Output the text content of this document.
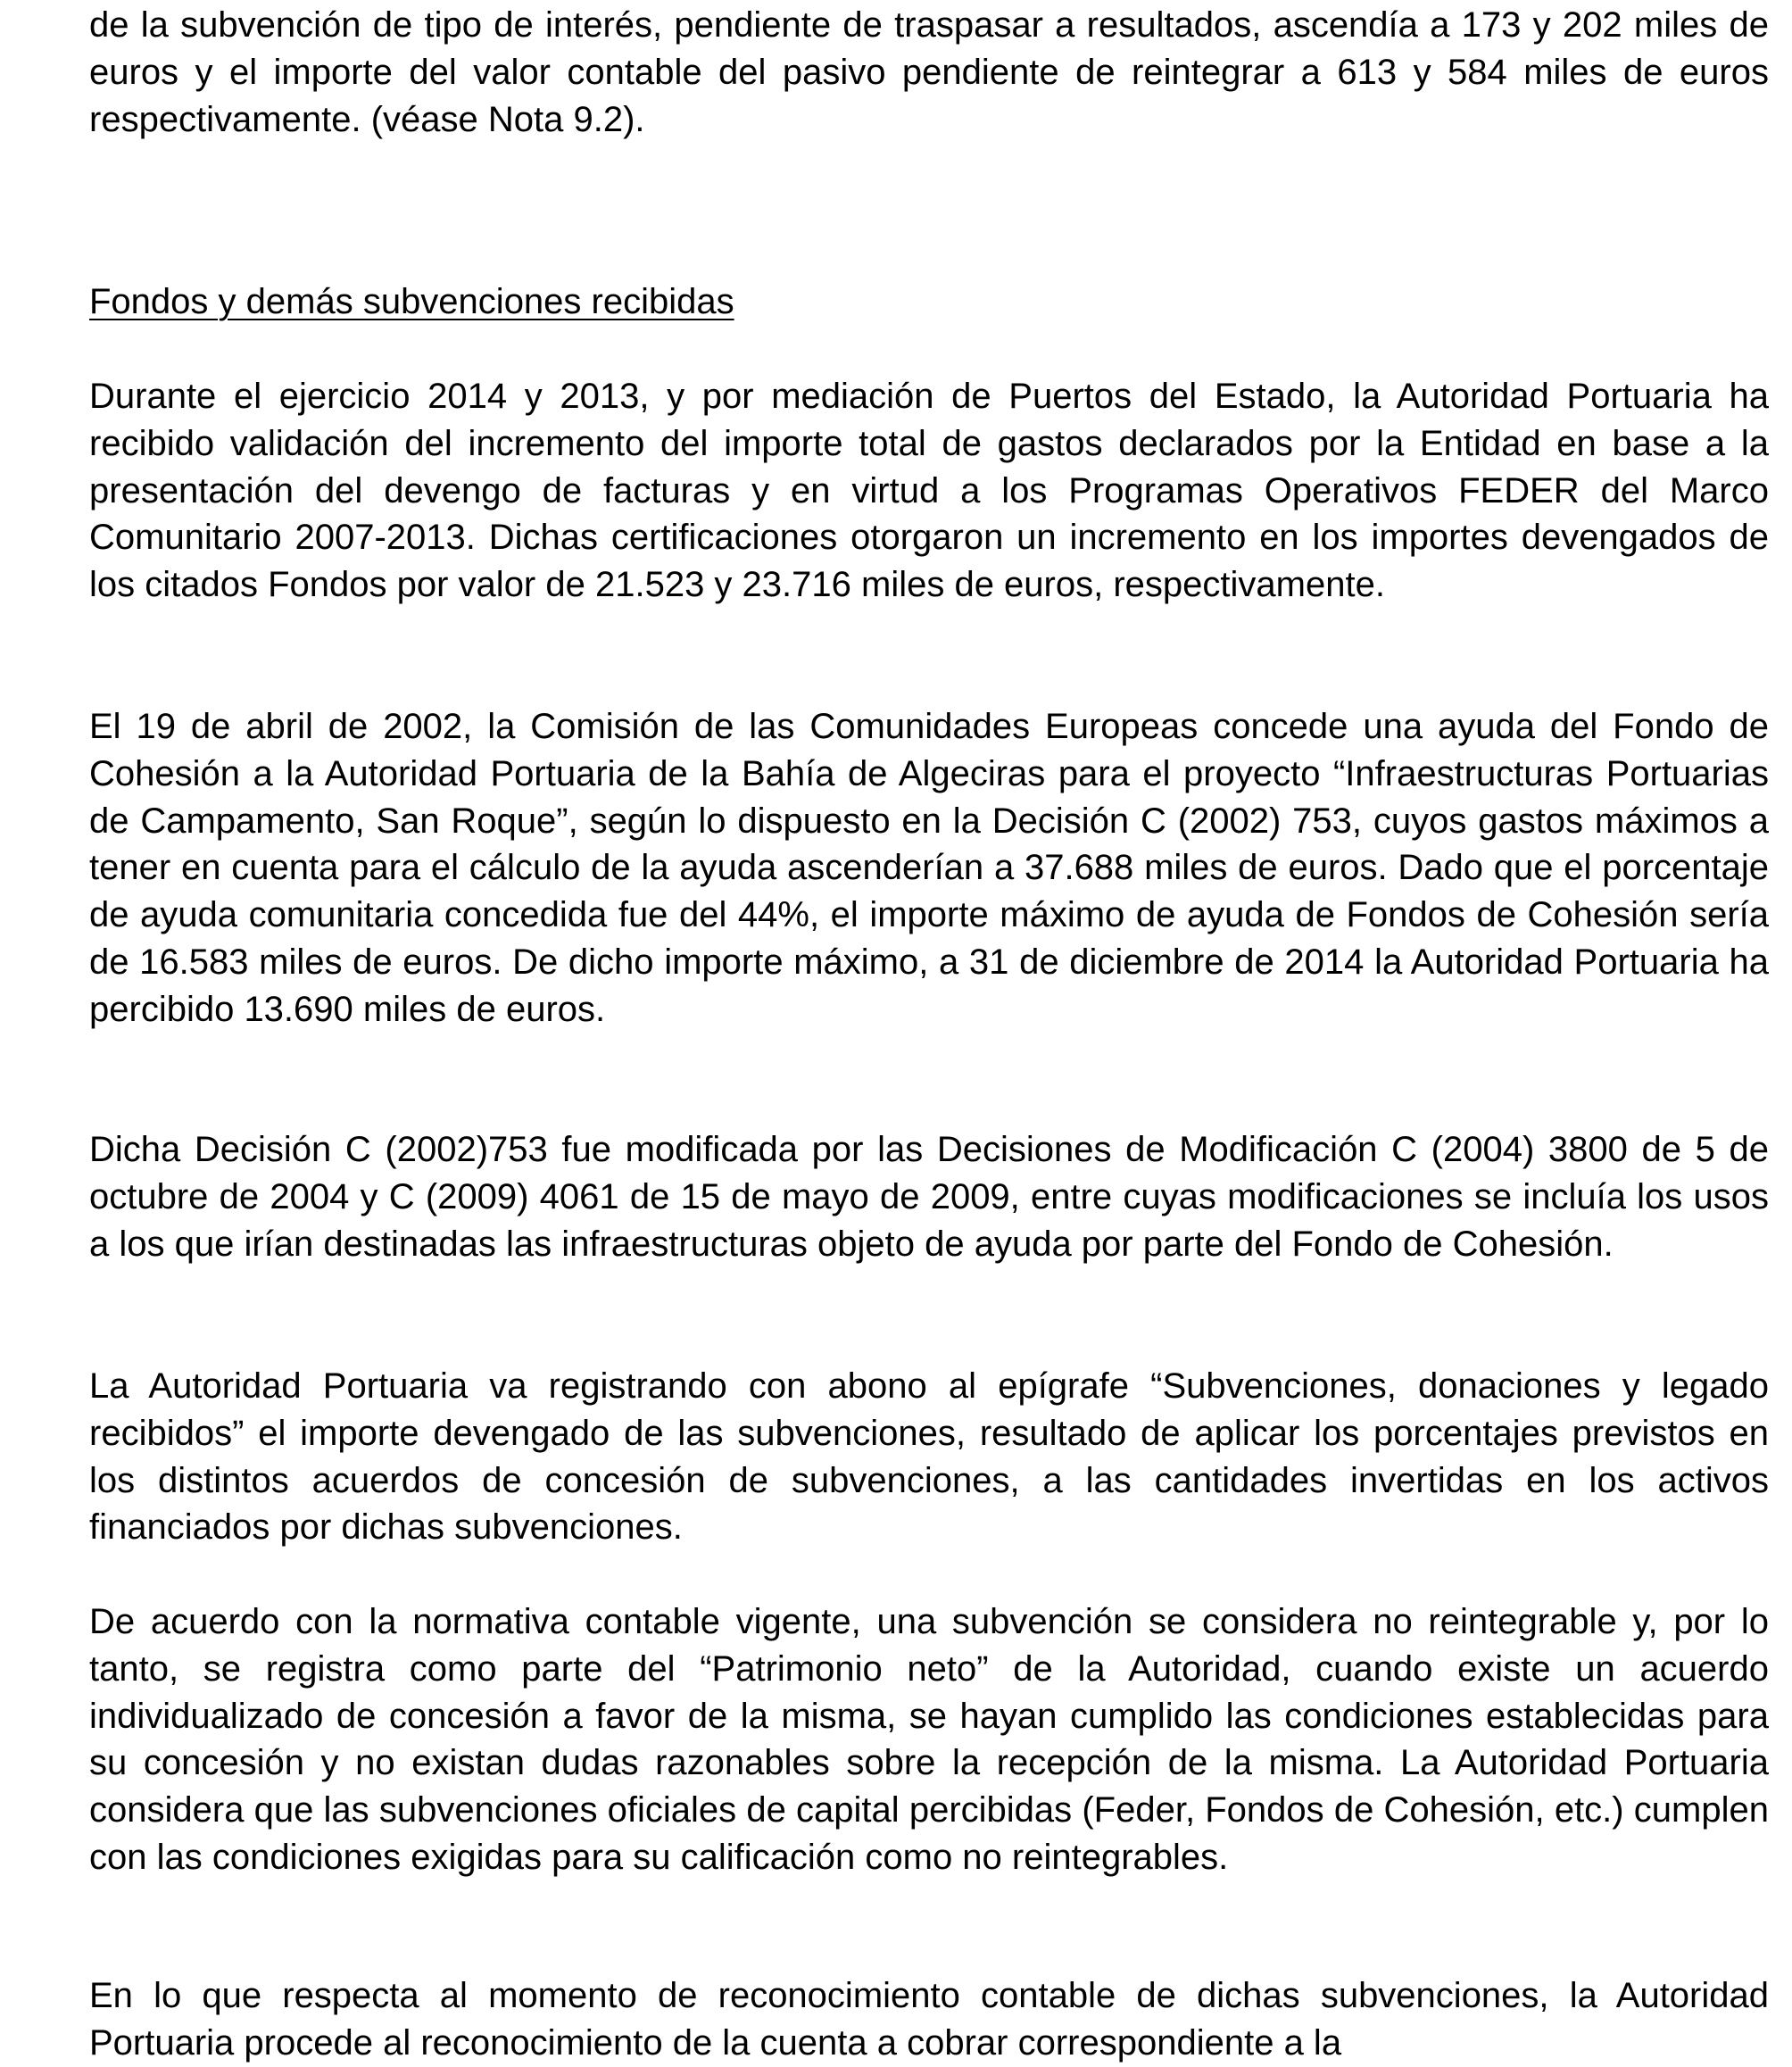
de la subvención de tipo de interés, pendiente de traspasar a resultados, ascendía a 173 y 202 miles de euros y el importe del valor contable del pasivo pendiente de reintegrar a 613 y 584 miles de euros respectivamente. (véase Nota 9.2).

Fondos y demás subvenciones recibidas

Durante el ejercicio 2014 y 2013, y por mediación de Puertos del Estado, la Autoridad Portuaria ha recibido validación del incremento del importe total de gastos declarados por la Entidad en base a la presentación del devengo de facturas y en virtud a los Programas Operativos FEDER del Marco Comunitario 2007-2013. Dichas certificaciones otorgaron un incremento en los importes devengados de los citados Fondos por valor de 21.523 y 23.716 miles de euros, respectivamente.

El 19 de abril de 2002, la Comisión de las Comunidades Europeas concede una ayuda del Fondo de Cohesión a la Autoridad Portuaria de la Bahía de Algeciras para el proyecto “Infraestructuras Portuarias de Campamento, San Roque”, según lo dispuesto en la Decisión C (2002) 753, cuyos gastos máximos a tener en cuenta para el cálculo de la ayuda ascenderían a 37.688 miles de euros. Dado que el porcentaje de ayuda comunitaria concedida fue del 44%, el importe máximo de ayuda de Fondos de Cohesión sería de 16.583 miles de euros. De dicho importe máximo, a 31 de diciembre de 2014 la Autoridad Portuaria ha percibido 13.690 miles de euros.

Dicha Decisión C (2002)753 fue modificada por las Decisiones de Modificación C (2004) 3800 de 5 de octubre de 2004 y C (2009) 4061 de 15 de mayo de 2009, entre cuyas modificaciones se incluía los usos a los que irían destinadas las infraestructuras objeto de ayuda por parte del Fondo de Cohesión.

La Autoridad Portuaria va registrando con abono al epígrafe “Subvenciones, donaciones y legado recibidos” el importe devengado de las subvenciones, resultado de aplicar los porcentajes previstos en los distintos acuerdos de concesión de subvenciones, a las cantidades invertidas en los activos financiados por dichas subvenciones.

De acuerdo con la normativa contable vigente, una subvención se considera no reintegrable y, por lo tanto, se registra como parte del “Patrimonio neto” de la Autoridad, cuando existe un acuerdo individualizado de concesión a favor de la misma, se hayan cumplido las condiciones establecidas para su concesión y no existan dudas razonables sobre la recepción de la misma. La Autoridad Portuaria considera que las subvenciones oficiales de capital percibidas (Feder, Fondos de Cohesión, etc.) cumplen con las condiciones exigidas para su calificación como no reintegrables.

En lo que respecta al momento de reconocimiento contable de dichas subvenciones, la Autoridad Portuaria procede al reconocimiento de la cuenta a cobrar correspondiente a la
